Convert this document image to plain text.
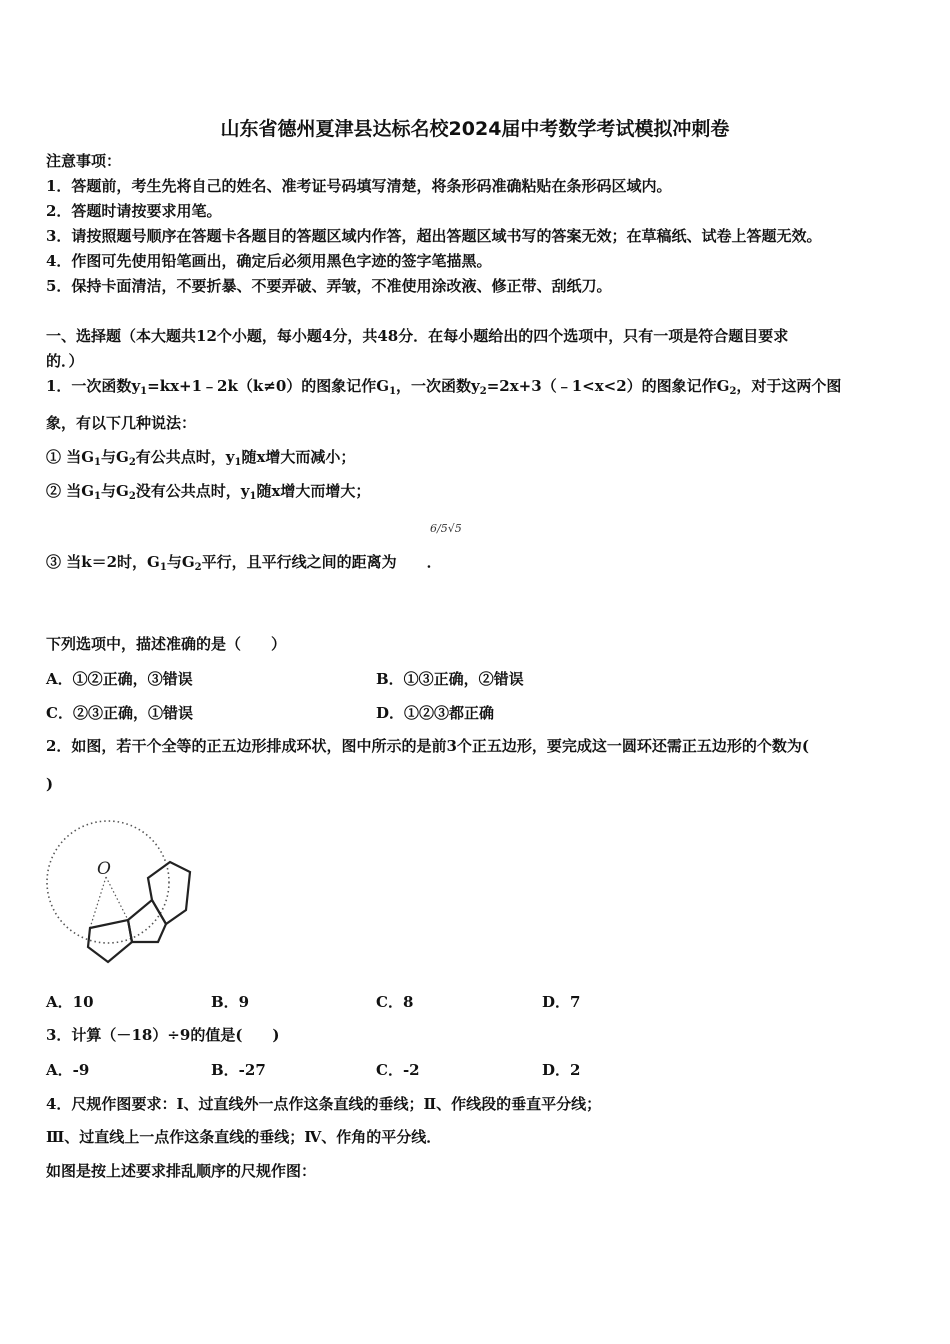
山东省德州夏津县达标名校2024届中考数学考试模拟冲刺卷
注意事项：
1．答题前，考生先将自己的姓名、准考证号码填写清楚，将条形码准确粘贴在条形码区域内。
2．答题时请按要求用笔。
3．请按照题号顺序在答题卡各题目的答题区域内作答，超出答题区域书写的答案无效；在草稿纸、试卷上答题无效。
4．作图可先使用铅笔画出，确定后必须用黑色字迹的签字笔描黑。
5．保持卡面清洁，不要折暴、不要弄破、弄皱，不准使用涂改液、修正带、刮纸刀。
一、选择题（本大题共12个小题，每小题4分，共48分．在每小题给出的四个选项中，只有一项是符合题目要求
的．）
1．一次函数$y_1=kx+1﹣2k(k\ne 0)$的图象记作$G_1$，一次函数$y_2=2x+3(﹣1<x<2)$的图象记作$G_2$，对于这两个图
象，有以下几种说法：
① 当$G_1$与$G_2$有公共点时，$y_1$随x增大而减小；
② 当$G_1$与$G_2$没有公共点时，$y_1$随x增大而增大；
③ 当k＝2时，$G_1$与$G_2$平行，且平行线之间的距离为 ．
6/5√5
下列选项中，描述准确的是（　　）
A．①②正确，③错误	B．①③正确，②错误
C．②③正确，①错误	D．①②③都正确
2．如图，若干个全等的正五边形排成环状，图中所示的是前3个正五边形，要完成这一圆环还需正五边形的个数为(
)
O
A．10	B．9	C．8	D．7
3．计算（－18）÷9的值是(　　)
A．-9	B．-27	C．-2	D．2
4．尺规作图要求：Ⅰ、过直线外一点作这条直线的垂线；Ⅱ、作线段的垂直平分线；
Ⅲ、过直线上一点作这条直线的垂线；Ⅳ、作角的平分线．
如图是按上述要求排乱顺序的尺规作图：
